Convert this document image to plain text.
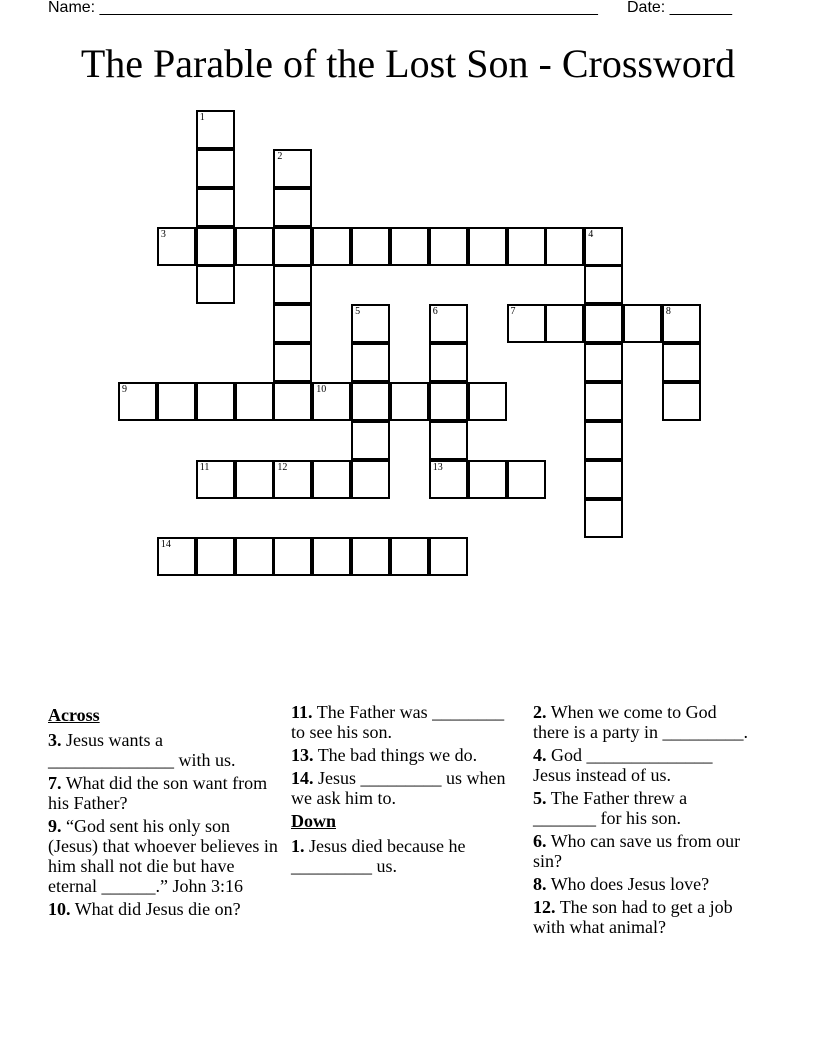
Name: ________________________________________________________ Date: _______
The Parable of the Lost Son - Crossword
1
2
3	4
5	6
13
7	8
9	10
11	12
14
Across
3. Jesus wants a ______________ with us.
7. What did the son want from his Father?
9. “God sent his only son (Jesus) that whoever believes in him shall not die but have eternal ______.” John 3:16
10. What did Jesus die on?
11. The Father was ________ to see his son.
13. The bad things we do.
14. Jesus _________ us when we ask him to.
Down
1. Jesus died because he _________ us.
2. When we come to God there is a party in _________.
4. God ______________ Jesus instead of us.
5. The Father threw a _______ for his son.
6. Who can save us from our sin?
8. Who does Jesus love?
12. The son had to get a job with what animal?
